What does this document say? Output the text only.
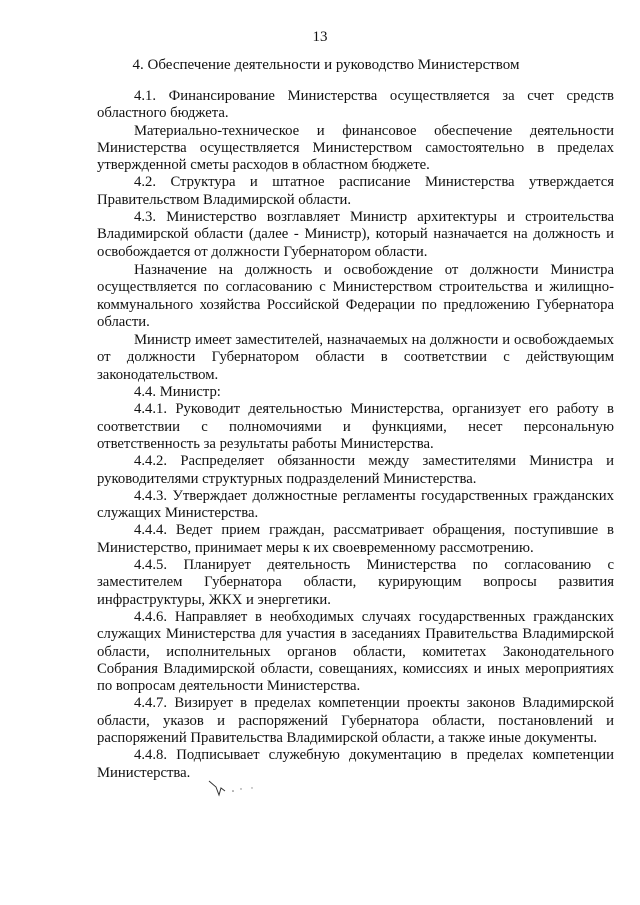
13
4. Обеспечение деятельности и руководство Министерством

4.1. Финансирование Министерства осуществляется за счет средств областного бюджета.

Материально-техническое и финансовое обеспечение деятельности Министерства осуществляется Министерством самостоятельно в пределах утвержденной сметы расходов в областном бюджете.

4.2. Структура и штатное расписание Министерства утверждается Правительством Владимирской области.

4.3. Министерство возглавляет Министр архитектуры и строительства Владимирской области (далее - Министр), который назначается на должность и освобождается от должности Губернатором области.

Назначение на должность и освобождение от должности Министра осуществляется по согласованию с Министерством строительства и жилищно-коммунального хозяйства Российской Федерации по предложению Губернатора области.

Министр имеет заместителей, назначаемых на должности и освобождаемых от должности Губернатором области в соответствии с действующим законодательством.

4.4. Министр:

4.4.1. Руководит деятельностью Министерства, организует его работу в соответствии с полномочиями и функциями, несет персональную ответственность за результаты работы Министерства.

4.4.2. Распределяет обязанности между заместителями Министра и руководителями структурных подразделений Министерства.

4.4.3. Утверждает должностные регламенты государственных гражданских служащих Министерства.

4.4.4. Ведет прием граждан, рассматривает обращения, поступившие в Министерство, принимает меры к их своевременному рассмотрению.

4.4.5. Планирует деятельность Министерства по согласованию с заместителем Губернатора области, курирующим вопросы развития инфраструктуры, ЖКХ и энергетики.

4.4.6. Направляет в необходимых случаях государственных гражданских служащих Министерства для участия в заседаниях Правительства Владимирской области, исполнительных органов области, комитетах Законодательного Собрания Владимирской области, совещаниях, комиссиях и иных мероприятиях по вопросам деятельности Министерства.

4.4.7. Визирует в пределах компетенции проекты законов Владимирской области, указов и распоряжений Губернатора области, постановлений и распоряжений Правительства Владимирской области, а также иные документы.

4.4.8. Подписывает служебную документацию в пределах компетенции Министерства.
